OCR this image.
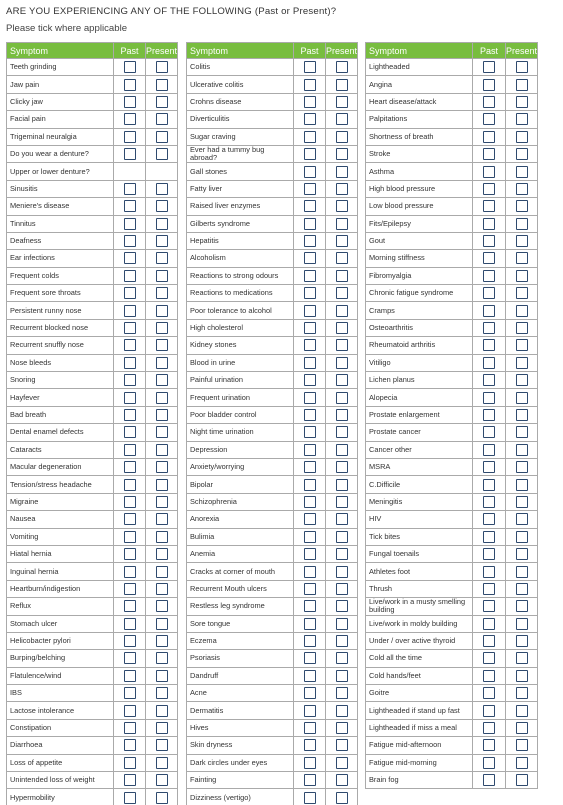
ARE YOU EXPERIENCING ANY OF THE FOLLOWING (Past or Present)?
Please tick where applicable
Symptom	Past	Present
Teeth grinding		
Jaw pain		
Clicky jaw		
Facial pain		
Trigeminal neuralgia		
Do you wear a denture?		
Upper or lower denture?		
Sinusitis		
Meniere's disease		
Tinnitus		
Deafness		
Ear infections		
Frequent colds		
Frequent sore throats		
Persistent runny nose		
Recurrent blocked nose		
Recurrent snuffly nose		
Nose bleeds		
Snoring		
Hayfever		
Bad breath		
Dental enamel defects		
Cataracts		
Macular degeneration		
Tension/stress headache		
Migraine		
Nausea		
Vomiting		
Hiatal hernia		
Inguinal hernia		
Heartburn/indigestion		
Reflux		
Stomach ulcer		
Helicobacter pylori		
Burping/belching		
Flatulence/wind		
IBS		
Lactose intolerance		
Constipation		
Diarrhoea		
Loss of appetite		
Unintended loss of weight		
Hypermobility		
Symptom	Past	Present
Colitis		
Ulcerative colitis		
Crohns disease		
Diverticulitis		
Sugar craving		
Ever had a tummy bug abroad?		
Gall stones		
Fatty liver		
Raised liver enzymes		
Gilberts syndrome		
Hepatitis		
Alcoholism		
Reactions to strong odours		
Reactions to medications		
Poor tolerance to alcohol		
High cholesterol		
Kidney stones		
Blood in urine		
Painful urination		
Frequent urination		
Poor bladder control		
Night time urination		
Depression		
Anxiety/worrying		
Bipolar		
Schizophrenia		
Anorexia		
Bulimia		
Anemia		
Cracks at corner of mouth		
Recurrent Mouth ulcers		
Restless leg syndrome		
Sore tongue		
Eczema		
Psoriasis		
Dandruff		
Acne		
Dermatitis		
Hives		
Skin dryness		
Dark circles under eyes		
Fainting		
Dizziness (vertigo)		
Symptom	Past	Present
Lightheaded		
Angina		
Heart disease/attack		
Palpitations		
Shortness of breath		
Stroke		
Asthma		
High blood pressure		
Low blood pressure		
Fits/Epilepsy		
Gout		
Morning stiffness		
Fibromyalgia		
Chronic fatigue syndrome		
Cramps		
Osteoarthritis		
Rheumatoid arthritis		
Vitiligo		
Lichen planus		
Alopecia		
Prostate enlargement		
Prostate cancer		
Cancer other		
MSRA		
C.Difficile		
Meningitis		
HIV		
Tick bites		
Fungal toenails		
Athletes foot		
Thrush		
Live/work in a musty smelling building		
Live/work in moldy building		
Under / over active thyroid		
Cold all the time		
Cold hands/feet		
Goitre		
Lightheaded if stand up fast		
Lightheaded if miss a meal		
Fatigue mid-afternoon		
Fatigue mid-morning		
Brain fog		
